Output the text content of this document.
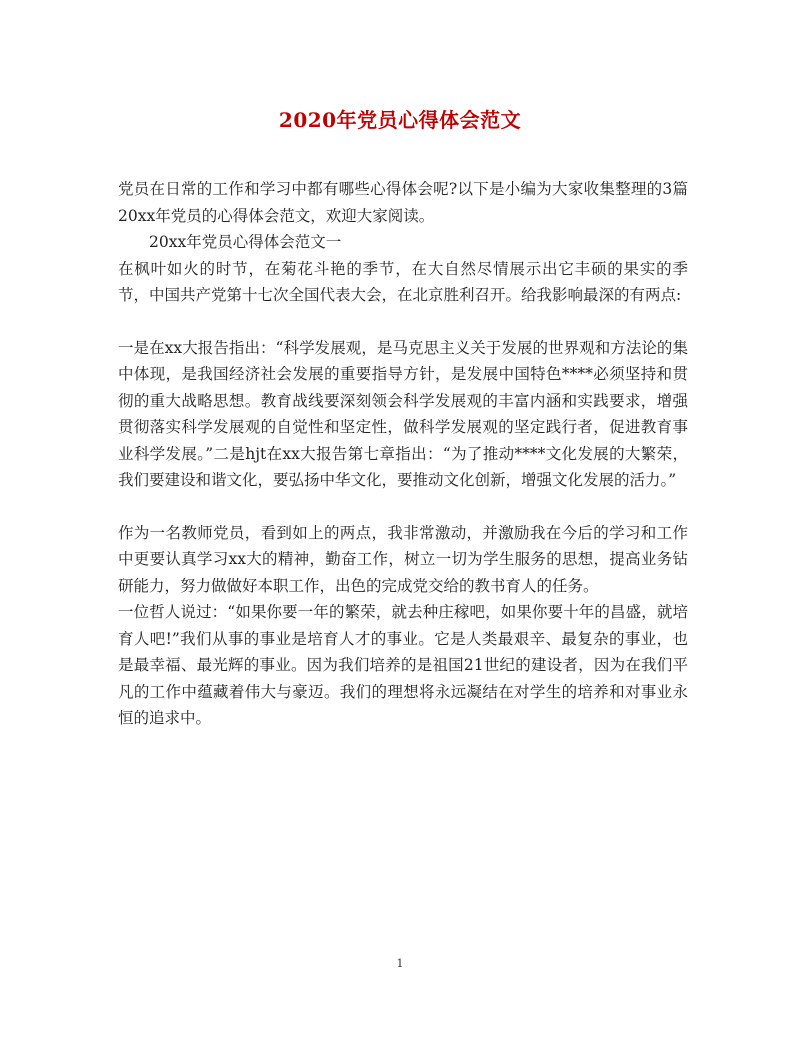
2020年党员心得体会范文

党员在日常的工作和学习中都有哪些心得体会呢?以下是小编为大家收集整理的3篇20xx年党员的心得体会范文，欢迎大家阅读。

20xx年党员心得体会范文一

在枫叶如火的时节，在菊花斗艳的季节，在大自然尽情展示出它丰硕的果实的季节，中国共产党第十七次全国代表大会，在北京胜利召开。给我影响最深的有两点:

一是在xx大报告指出：“科学发展观，是马克思主义关于发展的世界观和方法论的集中体现，是我国经济社会发展的重要指导方针，是发展中国特色****必须坚持和贯彻的重大战略思想。教育战线要深刻领会科学发展观的丰富内涵和实践要求，增强贯彻落实科学发展观的自觉性和坚定性，做科学发展观的坚定践行者，促进教育事业科学发展。”二是hjt在xx大报告第七章指出：“为了推动****文化发展的大繁荣，我们要建设和谐文化，要弘扬中华文化，要推动文化创新，增强文化发展的活力。”

作为一名教师党员，看到如上的两点，我非常激动，并激励我在今后的学习和工作中更要认真学习xx大的精神，勤奋工作，树立一切为学生服务的思想，提高业务钻研能力，努力做做好本职工作，出色的完成党交给的教书育人的任务。

一位哲人说过：“如果你要一年的繁荣，就去种庄稼吧，如果你要十年的昌盛，就培育人吧!”我们从事的事业是培育人才的事业。它是人类最艰辛、最复杂的事业，也是最幸福、最光辉的事业。因为我们培养的是祖国21世纪的建设者，因为在我们平凡的工作中蕴藏着伟大与豪迈。我们的理想将永远凝结在对学生的培养和对事业永恒的追求中。

1
